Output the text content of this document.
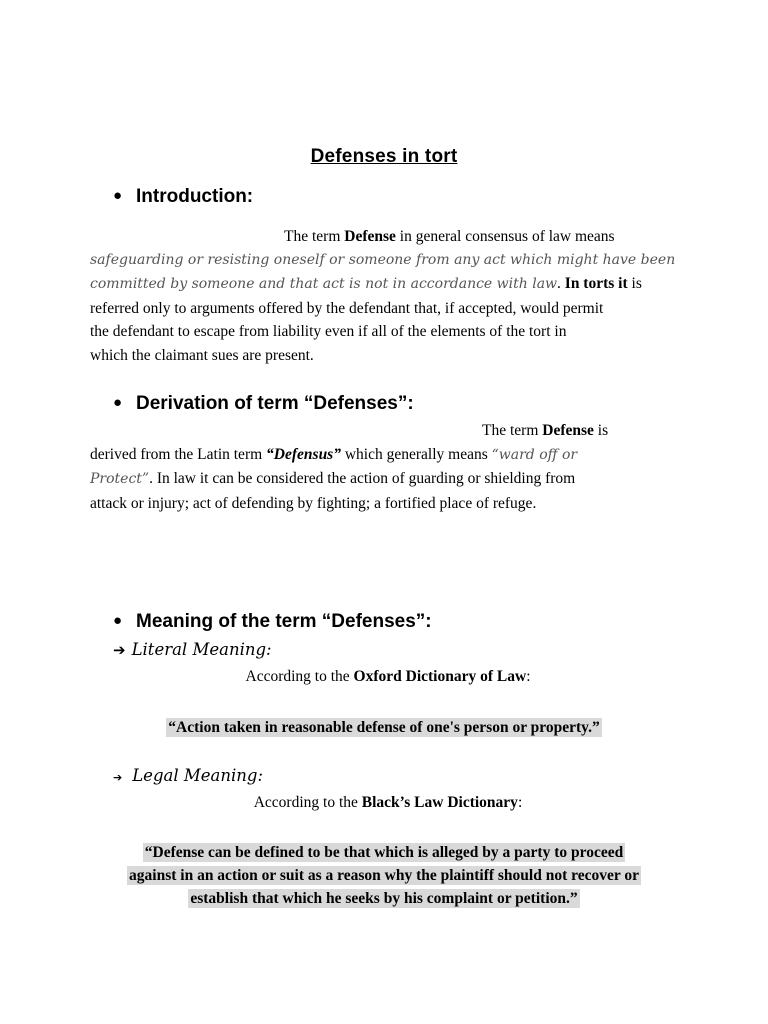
Defenses in tort
● Introduction:
The term Defense in general consensus of law means
safeguarding or resisting oneself or someone from any act which might have been
committed by someone and that act is not in accordance with law. In torts it is
referred only to arguments offered by the defendant that, if accepted, would permit
the defendant to escape from liability even if all of the elements of the tort in
which the claimant sues are present.
● Derivation of term “Defenses”:
The term Defense is
derived from the Latin term “Defensus” which generally means “ward off or
Protect”. In law it can be considered the action of guarding or shielding from
attack or injury; act of defending by fighting; a fortified place of refuge.
● Meaning of the term “Defenses”:
➔ Literal Meaning:
According to the Oxford Dictionary of Law:
“Action taken in reasonable defense of one's person or property.”
➔ Legal Meaning:
According to the Black’s Law Dictionary:
“Defense can be defined to be that which is alleged by a party to proceed
against in an action or suit as a reason why the plaintiff should not recover or
establish that which he seeks by his complaint or petition.”
